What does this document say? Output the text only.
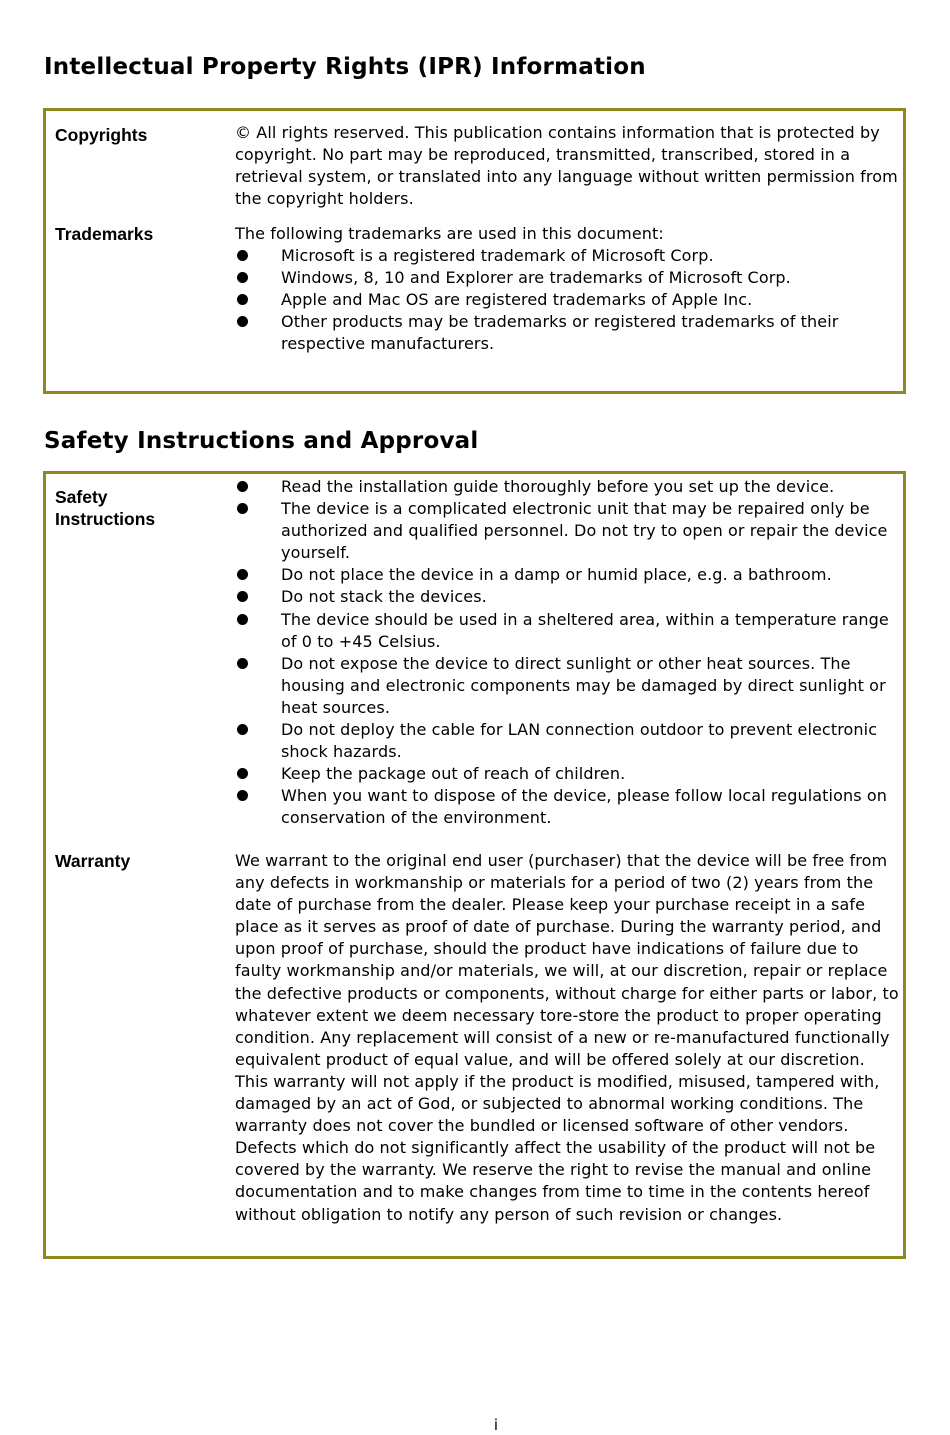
Intellectual Property Rights (IPR) Information
Copyrights	© All rights reserved. This publication contains information that is protected by copyright. No part may be reproduced, transmitted, transcribed, stored in a retrieval system, or translated into any language without written permission from the copyright holders.

Trademarks	The following trademarks are used in this document:

Microsoft is a registered trademark of Microsoft Corp.
Windows, 8, 10 and Explorer are trademarks of Microsoft Corp.
Apple and Mac OS are registered trademarks of Apple Inc.
Other products may be trademarks or registered trademarks of their respective manufacturers.
Safety Instructions and Approval
Safety Instructions
Read the installation guide thoroughly before you set up the device.
The device is a complicated electronic unit that may be repaired only be authorized and qualified personnel. Do not try to open or repair the device yourself.
Do not place the device in a damp or humid place, e.g. a bathroom.
Do not stack the devices.
The device should be used in a sheltered area, within a temperature range of 0 to +45 Celsius.
Do not expose the device to direct sunlight or other heat sources. The housing and electronic components may be damaged by direct sunlight or heat sources.
Do not deploy the cable for LAN connection outdoor to prevent electronic shock hazards.
Keep the package out of reach of children.
When you want to dispose of the device, please follow local regulations on conservation of the environment.
Warranty	We warrant to the original end user (purchaser) that the device will be free from any defects in workmanship or materials for a period of two (2) years from the date of purchase from the dealer. Please keep your purchase receipt in a safe place as it serves as proof of date of purchase. During the warranty period, and upon proof of purchase, should the product have indications of failure due to faulty workmanship and/or materials, we will, at our discretion, repair or replace the defective products or components, without charge for either parts or labor, to whatever extent we deem necessary tore-store the product to proper operating condition. Any replacement will consist of a new or re-manufactured functionally equivalent product of equal value, and will be offered solely at our discretion. This warranty will not apply if the product is modified, misused, tampered with, damaged by an act of God, or subjected to abnormal working conditions. The warranty does not cover the bundled or licensed software of other vendors. Defects which do not significantly affect the usability of the product will not be covered by the warranty. We reserve the right to revise the manual and online documentation and to make changes from time to time in the contents hereof without obligation to notify any person of such revision or changes.

i
